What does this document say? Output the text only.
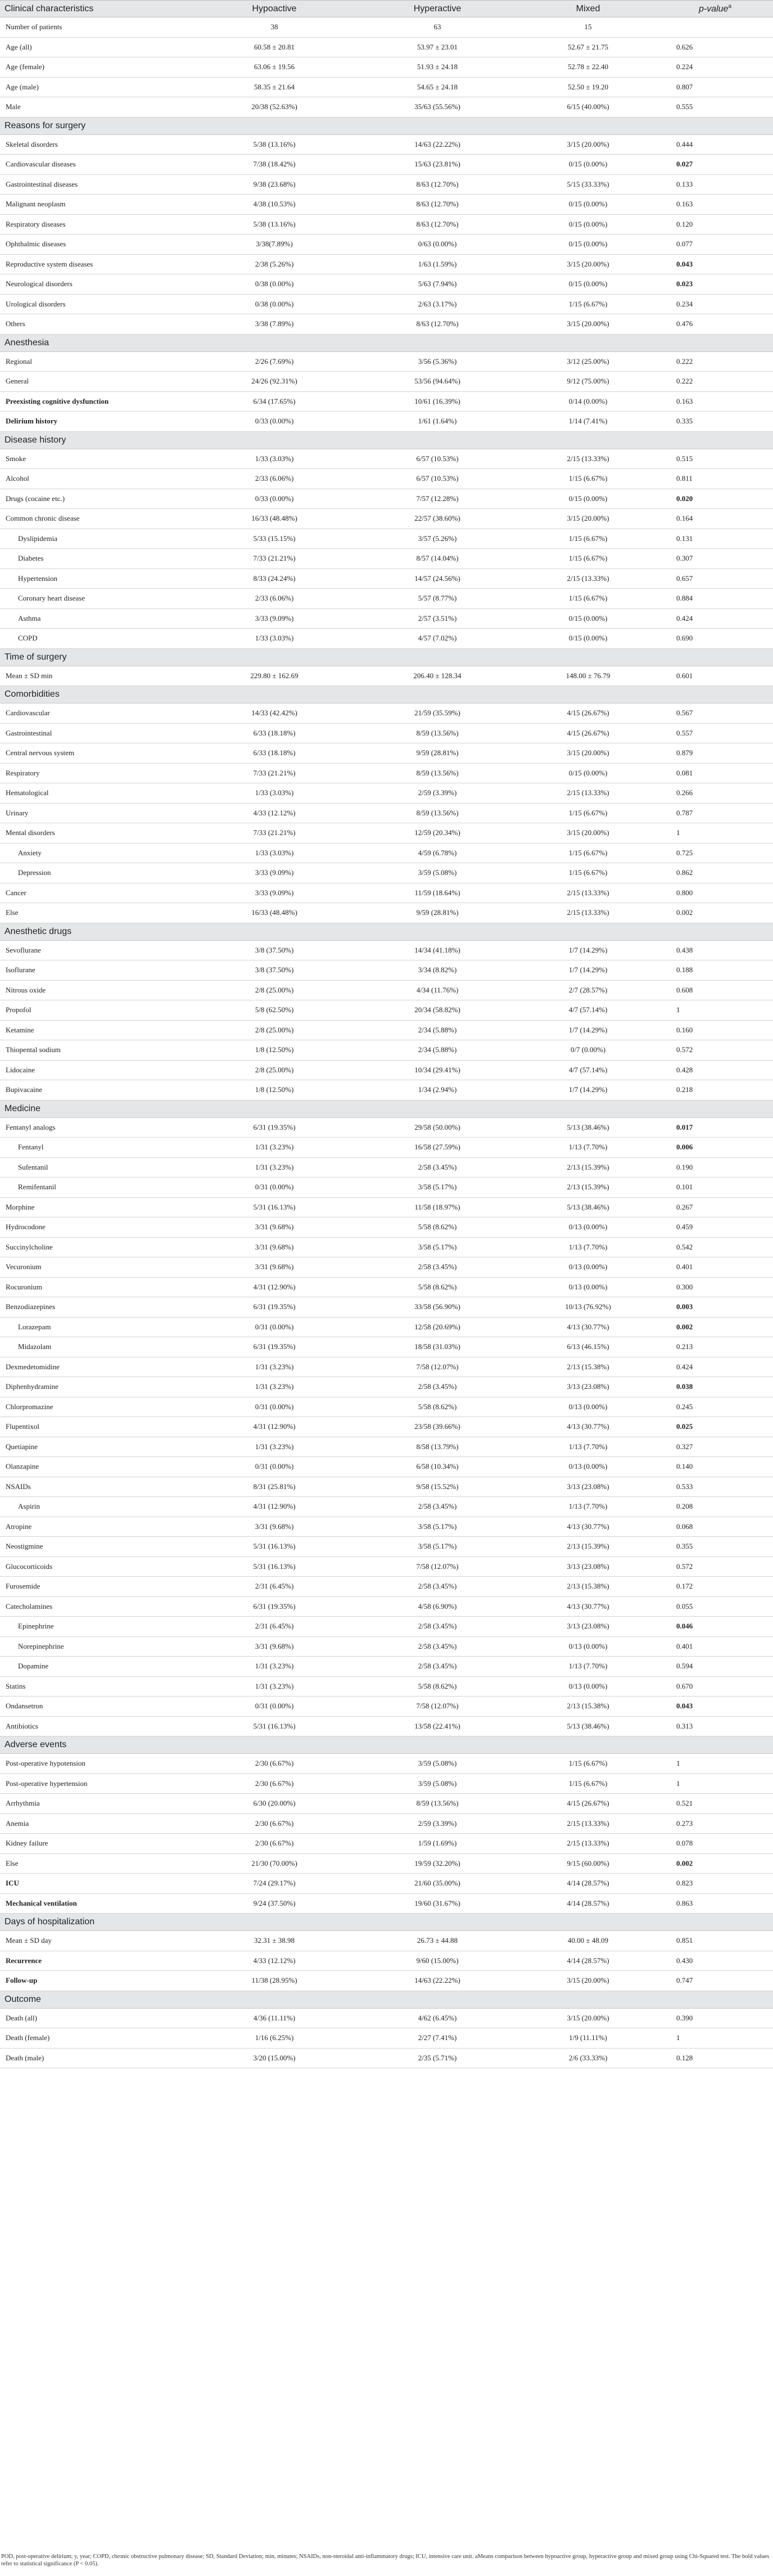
Clinical characteristics	Hypoactive	Hyperactive	Mixed	p-value$^a$
Number of patients	38	63	15	
Age (all)	60.58 ± 20.81	53.97 ± 23.01	52.67 ± 21.75	0.626
Age (female)	63.06 ± 19.56	51.93 ± 24.18	52.78 ± 22.40	0.224
Age (male)	58.35 ± 21.64	54.65 ± 24.18	52.50 ± 19.20	0.807
Male	20/38 (52.63%)	35/63 (55.56%)	6/15 (40.00%)	0.555
Reasons for surgery				
Skeletal disorders	5/38 (13.16%)	14/63 (22.22%)	3/15 (20.00%)	0.444
Cardiovascular diseases	7/38 (18.42%)	15/63 (23.81%)	0/15 (0.00%)	0.027
Gastrointestinal diseases	9/38 (23.68%)	8/63 (12.70%)	5/15 (33.33%)	0.133
Malignant neoplasm	4/38 (10.53%)	8/63 (12.70%)	0/15 (0.00%)	0.163
Respiratory diseases	5/38 (13.16%)	8/63 (12.70%)	0/15 (0.00%)	0.120
Ophthalmic diseases	3/38(7.89%)	0/63 (0.00%)	0/15 (0.00%)	0.077
Reproductive system diseases	2/38 (5.26%)	1/63 (1.59%)	3/15 (20.00%)	0.043
Neurological disorders	0/38 (0.00%)	5/63 (7.94%)	0/15 (0.00%)	0.023
Urological disorders	0/38 (0.00%)	2/63 (3.17%)	1/15 (6.67%)	0.234
Others	3/38 (7.89%)	8/63 (12.70%)	3/15 (20.00%)	0.476
Anesthesia				
Regional	2/26 (7.69%)	3/56 (5.36%)	3/12 (25.00%)	0.222
General	24/26 (92.31%)	53/56 (94.64%)	9/12 (75.00%)	0.222
Preexisting cognitive dysfunction	6/34 (17.65%)	10/61 (16.39%)	0/14 (0.00%)	0.163
Delirium history	0/33 (0.00%)	1/61 (1.64%)	1/14 (7.41%)	0.335
Disease history				
Smoke	1/33 (3.03%)	6/57 (10.53%)	2/15 (13.33%)	0.515
Alcohol	2/33 (6.06%)	6/57 (10.53%)	1/15 (6.67%)	0.811
Drugs (cocaine etc.)	0/33 (0.00%)	7/57 (12.28%)	0/15 (0.00%)	0.020
Common chronic disease	16/33 (48.48%)	22/57 (38.60%)	3/15 (20.00%)	0.164
Dyslipidemia	5/33 (15.15%)	3/57 (5.26%)	1/15 (6.67%)	0.131
Diabetes	7/33 (21.21%)	8/57 (14.04%)	1/15 (6.67%)	0.307
Hypertension	8/33 (24.24%)	14/57 (24.56%)	2/15 (13.33%)	0.657
Coronary heart disease	2/33 (6.06%)	5/57 (8.77%)	1/15 (6.67%)	0.884
Asthma	3/33 (9.09%)	2/57 (3.51%)	0/15 (0.00%)	0.424
COPD	1/33 (3.03%)	4/57 (7.02%)	0/15 (0.00%)	0.690
Time of surgery				
Mean ± SD min	229.80 ± 162.69	206.40 ± 128.34	148.00 ± 76.79	0.601
Comorbidities				
Cardiovascular	14/33 (42.42%)	21/59 (35.59%)	4/15 (26.67%)	0.567
Gastrointestinal	6/33 (18.18%)	8/59 (13.56%)	4/15 (26.67%)	0.557
Central nervous system	6/33 (18.18%)	9/59 (28.81%)	3/15 (20.00%)	0.879
Respiratory	7/33 (21.21%)	8/59 (13.56%)	0/15 (0.00%)	0.081
Hematological	1/33 (3.03%)	2/59 (3.39%)	2/15 (13.33%)	0.266
Urinary	4/33 (12.12%)	8/59 (13.56%)	1/15 (6.67%)	0.787
Mental disorders	7/33 (21.21%)	12/59 (20.34%)	3/15 (20.00%)	1
Anxiety	1/33 (3.03%)	4/59 (6.78%)	1/15 (6.67%)	0.725
Depression	3/33 (9.09%)	3/59 (5.08%)	1/15 (6.67%)	0.862
Cancer	3/33 (9.09%)	11/59 (18.64%)	2/15 (13.33%)	0.800
Else	16/33 (48.48%)	9/59 (28.81%)	2/15 (13.33%)	0.002
Anesthetic drugs				
Sevoflurane	3/8 (37.50%)	14/34 (41.18%)	1/7 (14.29%)	0.438
Isoflurane	3/8 (37.50%)	3/34 (8.82%)	1/7 (14.29%)	0.188
Nitrous oxide	2/8 (25.00%)	4/34 (11.76%)	2/7 (28.57%)	0.608
Propofol	5/8 (62.50%)	20/34 (58.82%)	4/7 (57.14%)	1
Ketamine	2/8 (25.00%)	2/34 (5.88%)	1/7 (14.29%)	0.160
Thiopental sodium	1/8 (12.50%)	2/34 (5.88%)	0/7 (0.00%)	0.572
Lidocaine	2/8 (25.00%)	10/34 (29.41%)	4/7 (57.14%)	0.428
Bupivacaine	1/8 (12.50%)	1/34 (2.94%)	1/7 (14.29%)	0.218
Medicine				
Fentanyl analogs	6/31 (19.35%)	29/58 (50.00%)	5/13 (38.46%)	0.017
Fentanyl	1/31 (3.23%)	16/58 (27.59%)	1/13 (7.70%)	0.006
Sufentanil	1/31 (3.23%)	2/58 (3.45%)	2/13 (15.39%)	0.190
Remifentanil	0/31 (0.00%)	3/58 (5.17%)	2/13 (15.39%)	0.101
Morphine	5/31 (16.13%)	11/58 (18.97%)	5/13 (38.46%)	0.267
Hydrocodone	3/31 (9.68%)	5/58 (8.62%)	0/13 (0.00%)	0.459
Succinylcholine	3/31 (9.68%)	3/58 (5.17%)	1/13 (7.70%)	0.542
Vecuronium	3/31 (9.68%)	2/58 (3.45%)	0/13 (0.00%)	0.401
Rocuronium	4/31 (12.90%)	5/58 (8.62%)	0/13 (0.00%)	0.300
Benzodiazepines	6/31 (19.35%)	33/58 (56.90%)	10/13 (76.92%)	0.003
Lorazepam	0/31 (0.00%)	12/58 (20.69%)	4/13 (30.77%)	0.002
Midazolam	6/31 (19.35%)	18/58 (31.03%)	6/13 (46.15%)	0.213
Dexmedetomidine	1/31 (3.23%)	7/58 (12.07%)	2/13 (15.38%)	0.424
Diphenhydramine	1/31 (3.23%)	2/58 (3.45%)	3/13 (23.08%)	0.038
Chlorpromazine	0/31 (0.00%)	5/58 (8.62%)	0/13 (0.00%)	0.245
Flupentixol	4/31 (12.90%)	23/58 (39.66%)	4/13 (30.77%)	0.025
Quetiapine	1/31 (3.23%)	8/58 (13.79%)	1/13 (7.70%)	0.327
Olanzapine	0/31 (0.00%)	6/58 (10.34%)	0/13 (0.00%)	0.140
NSAIDs	8/31 (25.81%)	9/58 (15.52%)	3/13 (23.08%)	0.533
Aspirin	4/31 (12.90%)	2/58 (3.45%)	1/13 (7.70%)	0.208
Atropine	3/31 (9.68%)	3/58 (5.17%)	4/13 (30.77%)	0.068
Neostigmine	5/31 (16.13%)	3/58 (5.17%)	2/13 (15.39%)	0.355
Glucocorticoids	5/31 (16.13%)	7/58 (12.07%)	3/13 (23.08%)	0.572
Furosemide	2/31 (6.45%)	2/58 (3.45%)	2/13 (15.38%)	0.172
Catecholamines	6/31 (19.35%)	4/58 (6.90%)	4/13 (30.77%)	0.055
Epinephrine	2/31 (6.45%)	2/58 (3.45%)	3/13 (23.08%)	0.046
Norepinephrine	3/31 (9.68%)	2/58 (3.45%)	0/13 (0.00%)	0.401
Dopamine	1/31 (3.23%)	2/58 (3.45%)	1/13 (7.70%)	0.594
Statins	1/31 (3.23%)	5/58 (8.62%)	0/13 (0.00%)	0.670
Ondansetron	0/31 (0.00%)	7/58 (12.07%)	2/13 (15.38%)	0.043
Antibiotics	5/31 (16.13%)	13/58 (22.41%)	5/13 (38.46%)	0.313
Adverse events				
Post-operative hypotension	2/30 (6.67%)	3/59 (5.08%)	1/15 (6.67%)	1
Post-operative hypertension	2/30 (6.67%)	3/59 (5.08%)	1/15 (6.67%)	1
Arrhythmia	6/30 (20.00%)	8/59 (13.56%)	4/15 (26.67%)	0.521
Anemia	2/30 (6.67%)	2/59 (3.39%)	2/15 (13.33%)	0.273
Kidney failure	2/30 (6.67%)	1/59 (1.69%)	2/15 (13.33%)	0.078
Else	21/30 (70.00%)	19/59 (32.20%)	9/15 (60.00%)	0.002
ICU	7/24 (29.17%)	21/60 (35.00%)	4/14 (28.57%)	0.823
Mechanical ventilation	9/24 (37.50%)	19/60 (31.67%)	4/14 (28.57%)	0.863
Days of hospitalization				
Mean ± SD day	32.31 ± 38.98	26.73 ± 44.88	40.00 ± 48.09	0.851
Recurrence	4/33 (12.12%)	9/60 (15.00%)	4/14 (28.57%)	0.430
Follow-up	11/38 (28.95%)	14/63 (22.22%)	3/15 (20.00%)	0.747
Outcome				
Death (all)	4/36 (11.11%)	4/62 (6.45%)	3/15 (20.00%)	0.390
Death (female)	1/16 (6.25%)	2/27 (7.41%)	1/9 (11.11%)	1
Death (male)	3/20 (15.00%)	2/35 (5.71%)	2/6 (33.33%)	0.128
POD, post-operative delirium; y, year; COPD, chronic obstructive pulmonary disease; SD, Standard Deviation; min, minutes; NSAIDs, non-steroidal anti-inflammatory drugs; ICU, intensive care unit. aMeans comparison between hypoactive group, hyperactive group and mixed group using Chi-Squared test. The bold values refer to statistical significance (P < 0.05).
